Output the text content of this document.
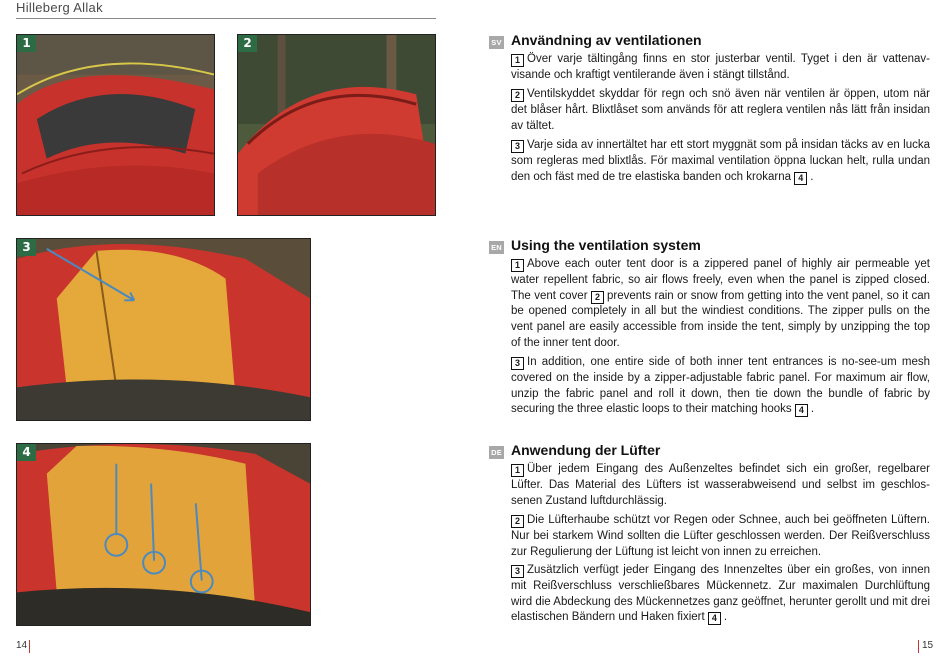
Hilleberg Allak
1	2
3
4
SV Användning av ventilationen

1 Över varje tältingång finns en stor justerbar ventil. Tyget i den är vattenav-visande och kraftigt ventilerande även i stängt tillstånd.

2 Ventilskyddet skyddar för regn och snö även när ventilen är öppen, utom när det blåser hårt. Blixtlåset som används för att reglera ventilen nås lätt från insidan av tältet.

3 Varje sida av innertältet har ett stort myggnät som på insidan täcks av en lucka som regleras med blixtlås. För maximal ventilation öppna luckan helt, rulla undan den och fäst med de tre elastiska banden och krokarna 4 .

EN Using the ventilation system

1 Above each outer tent door is a zippered panel of highly air permeable yet water repellent fabric, so air flows freely, even when the panel is zipped closed. The vent cover 2 prevents rain or snow from getting into the vent panel, so it can be opened completely in all but the windiest conditions. The zipper pulls on the vent panel are easily accessible from inside the tent, simply by unzipping the top of the inner tent door.

3 In addition, one entire side of both inner tent entrances is no-see-um mesh covered on the inside by a zipper-adjustable fabric panel. For maximum air flow, unzip the fabric panel and roll it down, then tie down the bundle of fabric by securing the three elastic loops to their matching hooks 4 .

DE Anwendung der Lüfter

1 Über jedem Eingang des Außenzeltes befindet sich ein großer, regelbarer Lüfter. Das Material des Lüfters ist wasserabweisend und selbst im geschlos-senen Zustand luftdurchlässig.

2 Die Lüfterhaube schützt vor Regen oder Schnee, auch bei geöffneten Lüftern. Nur bei starkem Wind sollten die Lüfter geschlossen werden. Der Reißverschluss zur Regulierung der Lüftung ist leicht von innen zu erreichen.

3 Zusätzlich verfügt jeder Eingang des Innenzeltes über ein großes, von innen mit Reißverschluss verschließbares Mückennetz. Zur maximalen Durchlüftung wird die Abdeckung des Mückennetzes ganz geöffnet, herunter gerollt und mit drei elastischen Bändern und Haken fixiert 4 .

14	15
